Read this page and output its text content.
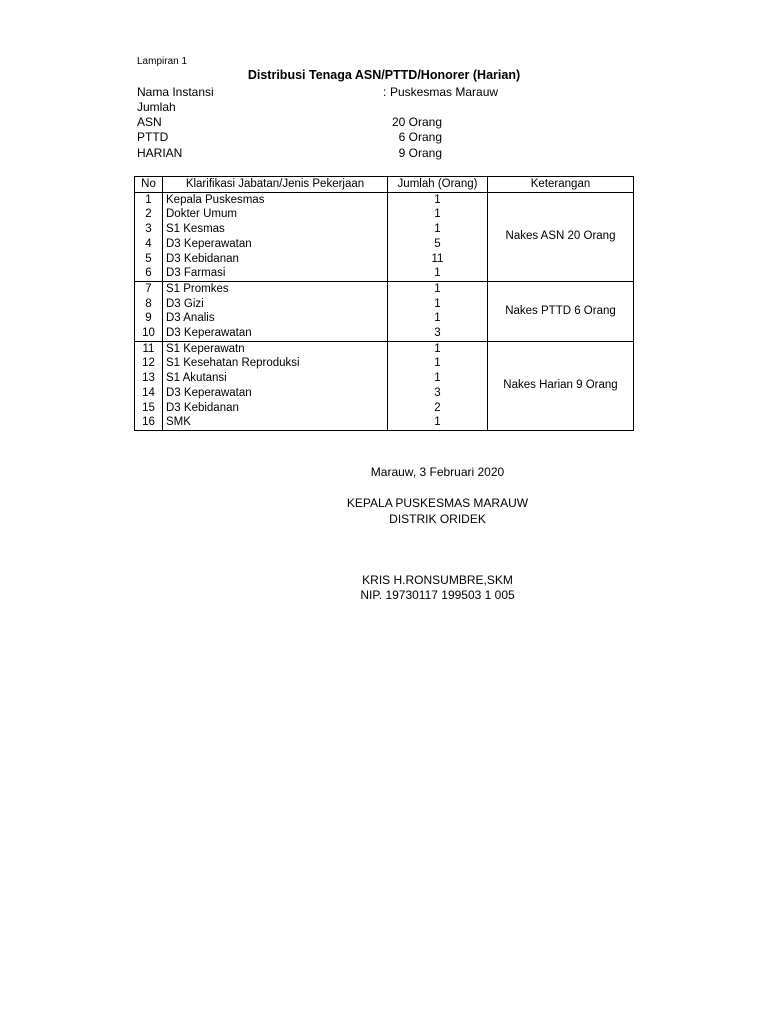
Lampiran 1
Distribusi Tenaga ASN/PTTD/Honorer (Harian)
Nama Instansi	: Puskesmas Marauw
Jumlah
ASN	20 Orang
PTTD	6 Orang
HARIAN	9 Orang
No	Klarifikasi Jabatan/Jenis Pekerjaan	Jumlah (Orang)	Keterangan
1	Kepala Puskesmas	1	Nakes ASN 20 Orang
2	Dokter Umum	1	
3	S1 Kesmas	1	
4	D3 Keperawatan	5	
5	D3 Kebidanan	11	
6	D3 Farmasi	1	
7	S1 Promkes	1	Nakes PTTD 6 Orang
8	D3 Gizi	1	
9	D3 Analis	1	
10	D3 Keperawatan	3	
11	S1 Keperawatn	1	Nakes Harian 9 Orang
12	S1 Kesehatan Reproduksi	1	
13	S1 Akutansi	1	
14	D3 Keperawatan	3	
15	D3 Kebidanan	2	
16	SMK	1	
Marauw, 3 Februari 2020
KEPALA PUSKESMAS MARAUW
DISTRIK ORIDEK
KRIS H.RONSUMBRE,SKM
NIP. 19730117 199503 1 005
